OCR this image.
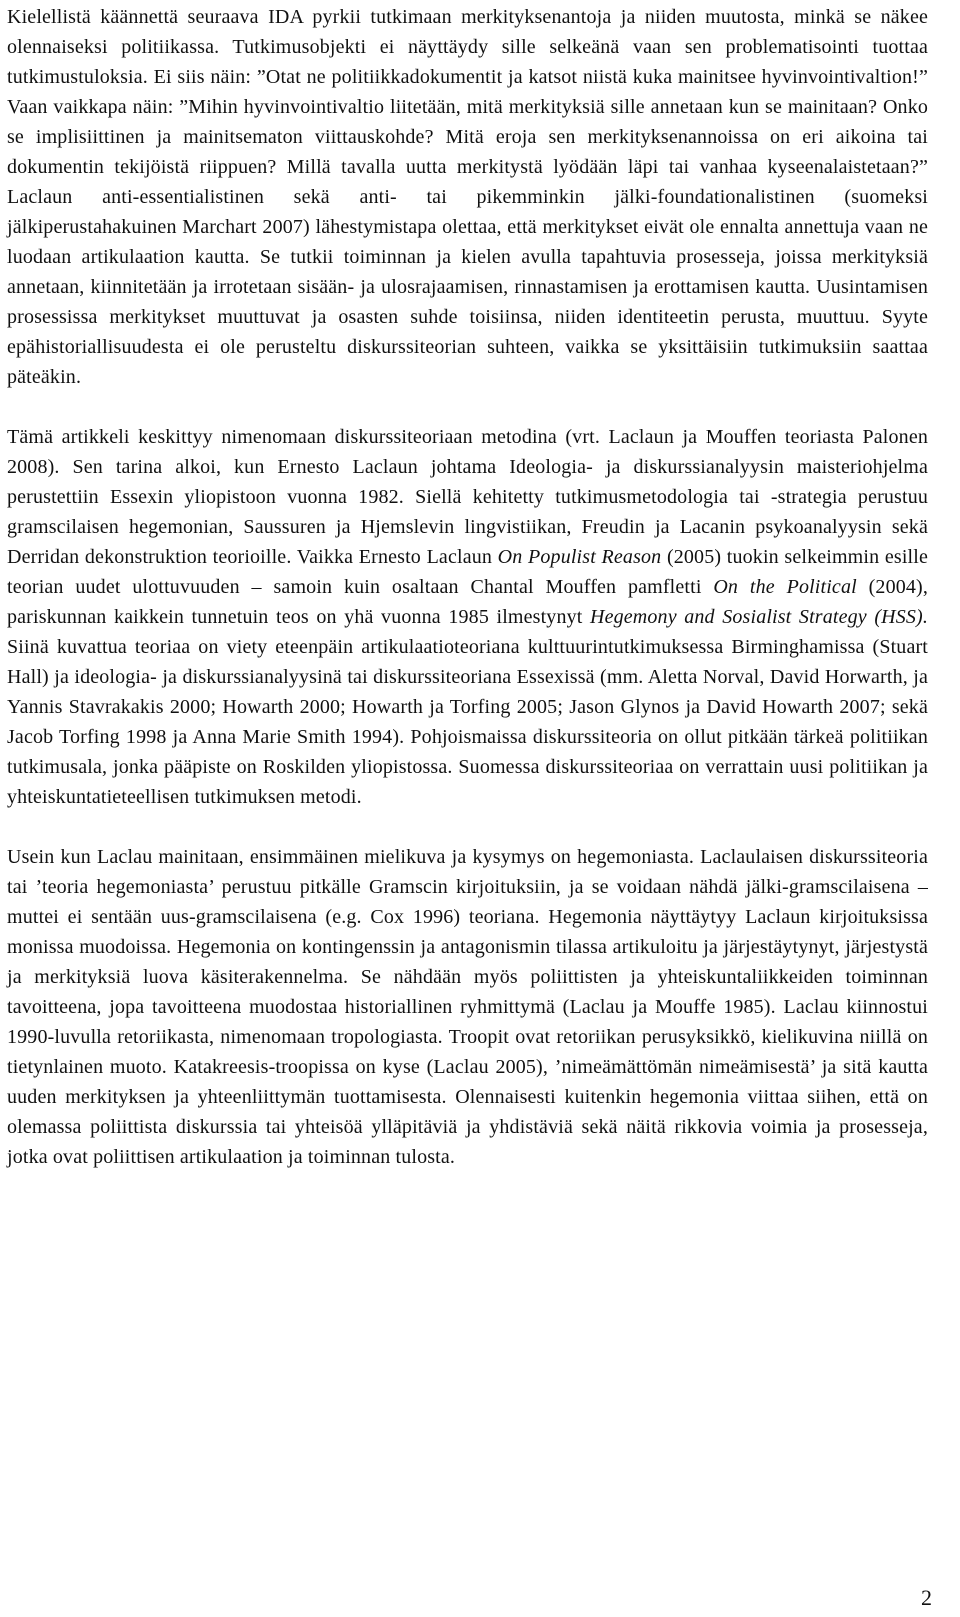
Kielellistä käännettä seuraava IDA pyrkii tutkimaan merkityksenantoja ja niiden muutosta, minkä se näkee olennaiseksi politiikassa. Tutkimusobjekti ei näyttäydy sille selkeänä vaan sen problematisointi tuottaa tutkimustuloksia. Ei siis näin: ”Otat ne politiikkadokumentit ja katsot niistä kuka mainitsee hyvinvointivaltion!” Vaan vaikkapa näin: ”Mihin hyvinvointivaltio liitetään, mitä merkityksiä sille annetaan kun se mainitaan? Onko se implisiittinen ja mainitsematon viittauskohde? Mitä eroja sen merkityksenannoissa on eri aikoina tai dokumentin tekijöistä riippuen? Millä tavalla uutta merkitystä lyödään läpi tai vanhaa kyseenalaistetaan?” Laclaun anti-essentialistinen sekä anti- tai pikemminkin jälki-foundationalistinen (suomeksi jälkiperustahakuinen Marchart 2007) lähestymistapa olettaa, että merkitykset eivät ole ennalta annettuja vaan ne luodaan artikulaation kautta. Se tutkii toiminnan ja kielen avulla tapahtuvia prosesseja, joissa merkityksiä annetaan, kiinnitetään ja irrotetaan sisään- ja ulosrajaamisen, rinnastamisen ja erottamisen kautta. Uusintamisen prosessissa merkitykset muuttuvat ja osasten suhde toisiinsa, niiden identiteetin perusta, muuttuu. Syyte epähistoriallisuudesta ei ole perusteltu diskurssiteorian suhteen, vaikka se yksittäisiin tutkimuksiin saattaa päteäkin.

Tämä artikkeli keskittyy nimenomaan diskurssiteoriaan metodina (vrt. Laclaun ja Mouffen teoriasta Palonen 2008). Sen tarina alkoi, kun Ernesto Laclaun johtama Ideologia- ja diskurssianalyysin maisteriohjelma perustettiin Essexin yliopistoon vuonna 1982. Siellä kehitetty tutkimusmetodologia tai -strategia perustuu gramscilaisen hegemonian, Saussuren ja Hjemslevin lingvistiikan, Freudin ja Lacanin psykoanalyysin sekä Derridan dekonstruktion teorioille. Vaikka Ernesto Laclaun On Populist Reason (2005) tuokin selkeimmin esille teorian uudet ulottuvuuden – samoin kuin osaltaan Chantal Mouffen pamfletti On the Political (2004), pariskunnan kaikkein tunnetuin teos on yhä vuonna 1985 ilmestynyt Hegemony and Sosialist Strategy (HSS). Siinä kuvattua teoriaa on viety eteenpäin artikulaatioteoriana kulttuurintutkimuksessa Birminghamissa (Stuart Hall) ja ideologia- ja diskurssianalyysinä tai diskurssiteoriana Essexissä (mm. Aletta Norval, David Horwarth, ja Yannis Stavrakakis 2000; Howarth 2000; Howarth ja Torfing 2005; Jason Glynos ja David Howarth 2007; sekä Jacob Torfing 1998 ja Anna Marie Smith 1994). Pohjoismaissa diskurssiteoria on ollut pitkään tärkeä politiikan tutkimusala, jonka pääpiste on Roskilden yliopistossa. Suomessa diskurssiteoriaa on verrattain uusi politiikan ja yhteiskuntatieteellisen tutkimuksen metodi.

Usein kun Laclau mainitaan, ensimmäinen mielikuva ja kysymys on hegemoniasta. Laclaulaisen diskurssiteoria tai ’teoria hegemoniasta’ perustuu pitkälle Gramscin kirjoituksiin, ja se voidaan nähdä jälki-gramscilaisena – muttei ei sentään uus-gramscilaisena (e.g. Cox 1996) teoriana. Hegemonia näyttäytyy Laclaun kirjoituksissa monissa muodoissa. Hegemonia on kontingenssin ja antagonismin tilassa artikuloitu ja järjestäytynyt, järjestystä ja merkityksiä luova käsiterakennelma. Se nähdään myös poliittisten ja yhteiskuntaliikkeiden toiminnan tavoitteena, jopa tavoitteena muodostaa historiallinen ryhmittymä (Laclau ja Mouffe 1985). Laclau kiinnostui 1990-luvulla retoriikasta, nimenomaan tropologiasta. Troopit ovat retoriikan perusyksikkö, kielikuvina niillä on tietynlainen muoto. Katakreesis-troopissa on kyse (Laclau 2005), ’nimeämättömän nimeämisestä’ ja sitä kautta uuden merkityksen ja yhteenliittymän tuottamisesta. Olennaisesti kuitenkin hegemonia viittaa siihen, että on olemassa poliittista diskurssia tai yhteisöä ylläpitäviä ja yhdistäviä sekä näitä rikkovia voimia ja prosesseja, jotka ovat poliittisen artikulaation ja toiminnan tulosta.

2
